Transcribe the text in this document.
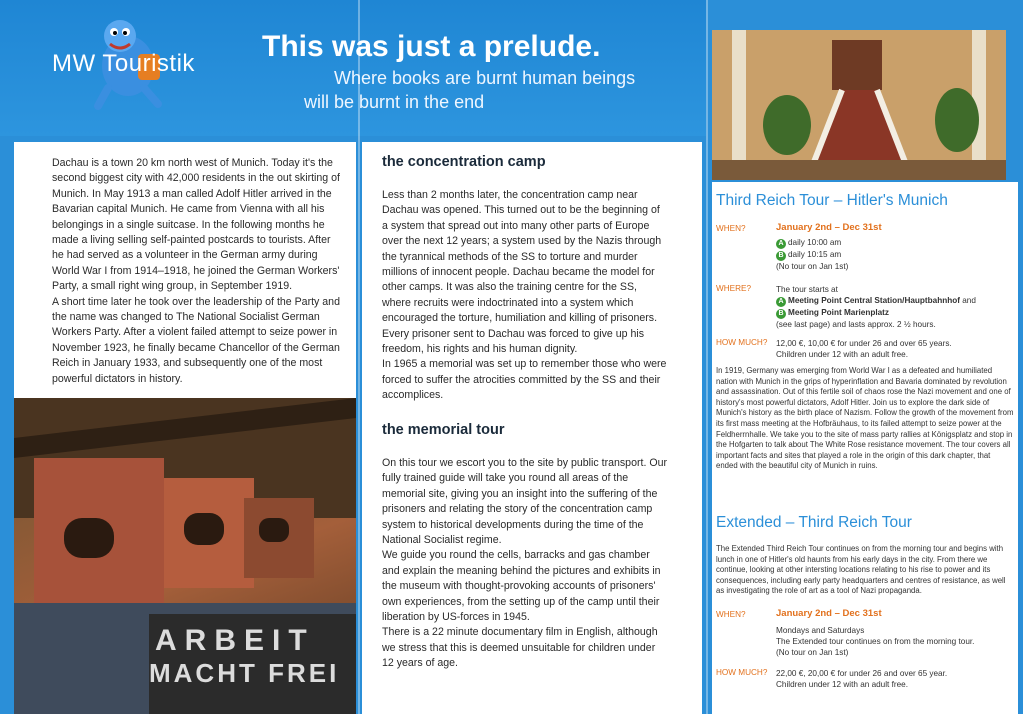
MW Touristik
This was just a prelude.
Where books are burnt human beings
will be burnt in the end

Dachau is a town 20 km north west of Munich. Today it's the second biggest city with 42,000 residents in the out skirting of Munich. In May 1913 a man called Adolf Hitler arrived in the Bavarian capital Munich. He came from Vienna with all his belongings in a single suitcase. In the following months he made a living selling self-painted postcards to tourists. After he had served as a volunteer in the German army during World War I from 1914–1918, he joined the German Workers' Party, a small right wing group, in September 1919.

A short time later he took over the leadership of the Party and the name was changed to The National Socialist German Workers Party. After a violent failed attempt to seize power in November 1923, he finally became Chancellor of the German Reich in January 1933, and subsequently one of the most powerful dictators in history.

ARBEIT
MACHT FREI
the concentration camp

Less than 2 months later, the concentration camp near Dachau was opened. This turned out to be the beginning of a system that spread out into many other parts of Europe over the next 12 years; a system used by the Nazis through the tyrannical methods of the SS to torture and murder millions of innocent people. Dachau became the model for other camps. It was also the training centre for the SS, where recruits were indoctrinated into a system which encouraged the torture, humiliation and killing of prisoners.

Every prisoner sent to Dachau was forced to give up his freedom, his rights and his human dignity.

In 1965 a memorial was set up to remember those who were forced to suffer the atrocities committed by the SS and their accomplices.

the memorial tour

On this tour we escort you to the site by public transport. Our fully trained guide will take you round all areas of the memorial site, giving you an insight into the suffering of the prisoners and relating the story of the concentration camp system to historical developments during the time of the National Socialist regime.

We guide you round the cells, barracks and gas chamber and explain the meaning behind the pictures and exhibits in the museum with thought-provoking accounts of prisoners' own experiences, from the setting up of the camp until their liberation by US-forces in 1945.

There is a 22 minute documentary film in English, although we stress that this is deemed unsuitable for children under 12 years of age.

Third Reich Tour – Hitler's Munich
WHEN?	January 2nd – Dec 31st
A daily 10:00 am
B daily 10:15 am
(No tour on Jan 1st)
WHERE?	The tour starts at
A Meeting Point Central Station/Hauptbahnhof and
B Meeting Point Marienplatz
(see last page) and lasts approx. 2 ½ hours.
HOW MUCH? 12,00 €, 10,00 € for under 26 and over 65 years.
Children under 12 with an adult free.
In 1919, Germany was emerging from World War I as a defeated and humiliated nation with Munich in the grips of hyperinflation and Bavaria dominated by revolution and assassination. Out of this fertile soil of chaos rose the Nazi movement and one of history's most powerful dictators, Adolf Hitler. Join us to explore the dark side of Munich's history as the birth place of Nazism. Follow the growth of the movement from its first mass meeting at the Hofbräuhaus, to its failed attempt to seize power at the Feldherrnhalle. We take you to the site of mass party rallies at Königsplatz and stop in the Hofgarten to talk about The White Rose resistance movement. The tour covers all important facts and sites that played a role in the origin of this dark chapter, that ended with the beautiful city of Munich in ruins.
Extended – Third Reich Tour
The Extended Third Reich Tour continues on from the morning tour and begins with lunch in one of Hitler's old haunts from his early days in the city. From there we continue, looking at other intersting locations relating to his rise to power and its consequences, including early party headquarters and centres of resistance, as well as investigating the role of art as a tool of Nazi propaganda.
WHEN?	January 2nd – Dec 31st
Mondays and Saturdays
The Extended tour continues on from the morning tour.
(No tour on Jan 1st)
HOW MUCH? 22,00 €, 20,00 € for under 26 and over 65 year.
Children under 12 with an adult free.
